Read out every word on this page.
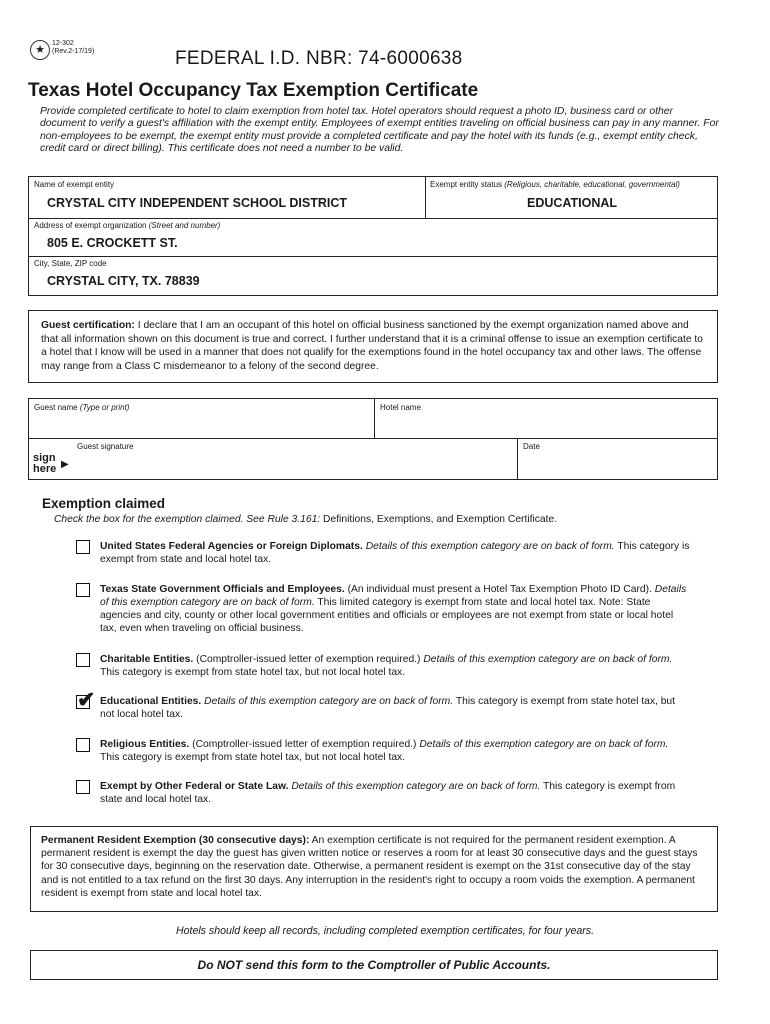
★
12-302
(Rev.2-17/19)	FEDERAL I.D. NBR: 74-6000638
Texas Hotel Occupancy Tax Exemption Certificate
Provide completed certificate to hotel to claim exemption from hotel tax. Hotel operators should request a photo ID, business card or other document to verify a guest's affiliation with the exempt entity. Employees of exempt entities traveling on official business can pay in any manner. For non-employees to be exempt, the exempt entity must provide a completed certificate and pay the hotel with its funds (e.g., exempt entity check, credit card or direct billing). This certificate does not need a number to be valid.
Name of exempt entity
CRYSTAL CITY INDEPENDENT SCHOOL DISTRICT
Exempt entity status (Religious, charitable, educational, governmental)
EDUCATIONAL
Address of exempt organization (Street and number)
805 E. CROCKETT ST.
City, State, ZIP code
CRYSTAL CITY, TX. 78839
Guest certification: I declare that I am an occupant of this hotel on official business sanctioned by the exempt organization named above and that all information shown on this document is true and correct. I further understand that it is a criminal offense to issue an exemption certificate to a hotel that I know will be used in a manner that does not qualify for the exemptions found in the hotel occupancy tax and other laws. The offense may range from a Class C misdemeanor to a felony of the second degree.
Guest name (Type or print)	Hotel name
Guest signature
sign
here ▶
Date
Exemption claimed
Check the box for the exemption claimed. See Rule 3.161: Definitions, Exemptions, and Exemption Certificate.
United States Federal Agencies or Foreign Diplomats. Details of this exemption category are on back of form. This category is exempt from state and local hotel tax.
Texas State Government Officials and Employees. (An individual must present a Hotel Tax Exemption Photo ID Card). Details of this exemption category are on back of form. This limited category is exempt from state and local hotel tax. Note: State agencies and city, county or other local government entities and officials or employees are not exempt from state or local hotel tax, even when traveling on official business.
Charitable Entities. (Comptroller-issued letter of exemption required.) Details of this exemption category are on back of form. This category is exempt from state hotel tax, but not local hotel tax.
✔ Educational Entities. Details of this exemption category are on back of form. This category is exempt from state hotel tax, but not local hotel tax.
Religious Entities. (Comptroller-issued letter of exemption required.) Details of this exemption category are on back of form. This category is exempt from state hotel tax, but not local hotel tax.
Exempt by Other Federal or State Law. Details of this exemption category are on back of form. This category is exempt from state and local hotel tax.
Permanent Resident Exemption (30 consecutive days): An exemption certificate is not required for the permanent resident exemption. A permanent resident is exempt the day the guest has given written notice or reserves a room for at least 30 consecutive days and the guest stays for 30 consecutive days, beginning on the reservation date. Otherwise, a permanent resident is exempt on the 31st consecutive day of the stay and is not entitled to a tax refund on the first 30 days. Any interruption in the resident's right to occupy a room voids the exemption. A permanent resident is exempt from state and local hotel tax.
Hotels should keep all records, including completed exemption certificates, for four years.
Do NOT send this form to the Comptroller of Public Accounts.
